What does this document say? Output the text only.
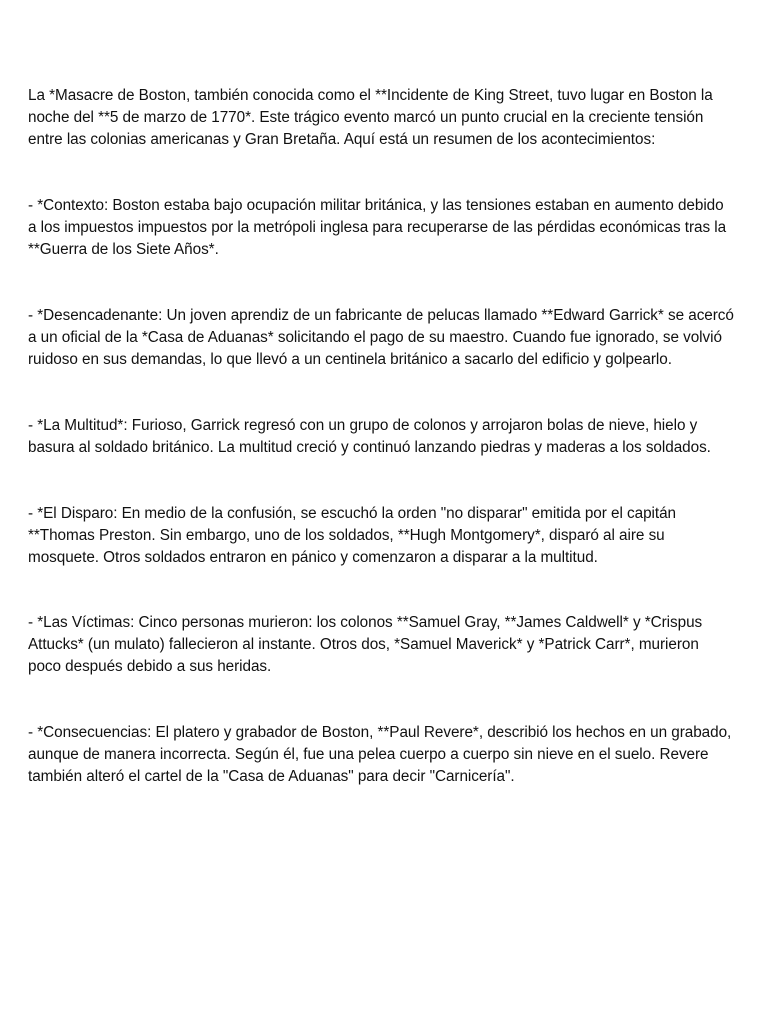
La *Masacre de Boston, también conocida como el **Incidente de King Street, tuvo lugar en Boston la noche del **5 de marzo de 1770*. Este trágico evento marcó un punto crucial en la creciente tensión entre las colonias americanas y Gran Bretaña. Aquí está un resumen de los acontecimientos:

- *Contexto: Boston estaba bajo ocupación militar británica, y las tensiones estaban en aumento debido a los impuestos impuestos por la metrópoli inglesa para recuperarse de las pérdidas económicas tras la **Guerra de los Siete Años*.

- *Desencadenante: Un joven aprendiz de un fabricante de pelucas llamado **Edward Garrick* se acercó a un oficial de la *Casa de Aduanas* solicitando el pago de su maestro. Cuando fue ignorado, se volvió ruidoso en sus demandas, lo que llevó a un centinela británico a sacarlo del edificio y golpearlo.

- *La Multitud*: Furioso, Garrick regresó con un grupo de colonos y arrojaron bolas de nieve, hielo y basura al soldado británico. La multitud creció y continuó lanzando piedras y maderas a los soldados.

- *El Disparo: En medio de la confusión, se escuchó la orden "no disparar" emitida por el capitán **Thomas Preston. Sin embargo, uno de los soldados, **Hugh Montgomery*, disparó al aire su mosquete. Otros soldados entraron en pánico y comenzaron a disparar a la multitud.

- *Las Víctimas: Cinco personas murieron: los colonos **Samuel Gray, **James Caldwell* y *Crispus Attucks* (un mulato) fallecieron al instante. Otros dos, *Samuel Maverick* y *Patrick Carr*, murieron poco después debido a sus heridas.

- *Consecuencias: El platero y grabador de Boston, **Paul Revere*, describió los hechos en un grabado, aunque de manera incorrecta. Según él, fue una pelea cuerpo a cuerpo sin nieve en el suelo. Revere también alteró el cartel de la "Casa de Aduanas" para decir "Carnicería".
